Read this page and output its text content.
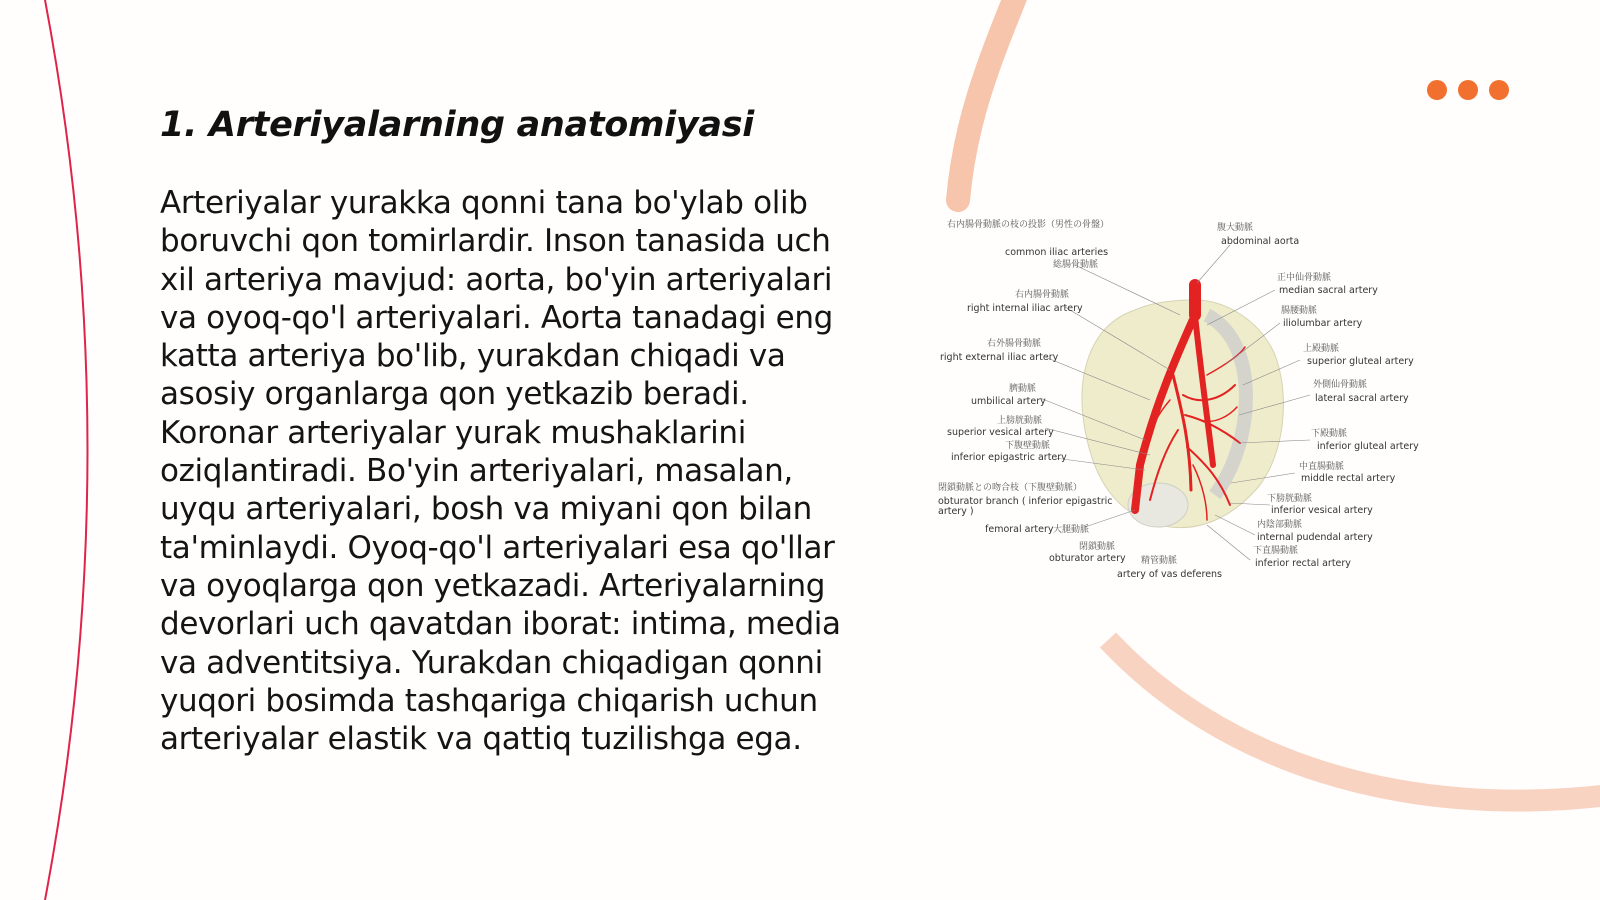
1. Arteriyalarning anatomiyasi

Arteriyalar yurakka qonni tana bo'ylab olib boruvchi qon tomirlardir. Inson tanasida uch xil arteriya mavjud: aorta, bo'yin arteriyalari va oyoq-qo'l arteriyalari. Aorta tanadagi eng katta arteriya bo'lib, yurakdan chiqadi va asosiy organlarga qon yetkazib beradi. Koronar arteriyalar yurak mushaklarini oziqlantiradi. Bo'yin arteriyalari, masalan, uyqu arteriyalari, bosh va miyani qon bilan ta'minlaydi. Oyoq-qo'l arteriyalari esa qo'llar va oyoqlarga qon yetkazadi. Arteriyalarning devorlari uch qavatdan iborat: intima, media va adventitsiya. Yurakdan chiqadigan qonni yuqori bosimda tashqariga chiqarish uchun arteriyalar elastik va qattiq tuzilishga ega.

右内腸骨動脈の枝の投影（男性の骨盤）
common iliac arteries
総腸骨動脈
右内腸骨動脈
right internal iliac artery
右外腸骨動脈
right external iliac artery
臍動脈
umbilical artery
上膀胱動脈
superior vesical artery
下腹壁動脈
inferior epigastric artery
閉鎖動脈との吻合枝（下腹壁動脈）
obturator branch ( inferior epigastric
artery )
femoral artery 大腿動脈
閉鎖動脈
obturator artery 精管動脈
artery of vas deferens
腹大動脈
abdominal aorta
正中仙骨動脈
median sacral artery
腸腰動脈
iliolumbar artery
上殿動脈
superior gluteal artery
外側仙骨動脈
lateral sacral artery
下殿動脈
inferior gluteal artery
中直腸動脈
middle rectal artery
下膀胱動脈
inferior vesical artery
内陰部動脈
internal pudendal artery
下直腸動脈
inferior rectal artery
